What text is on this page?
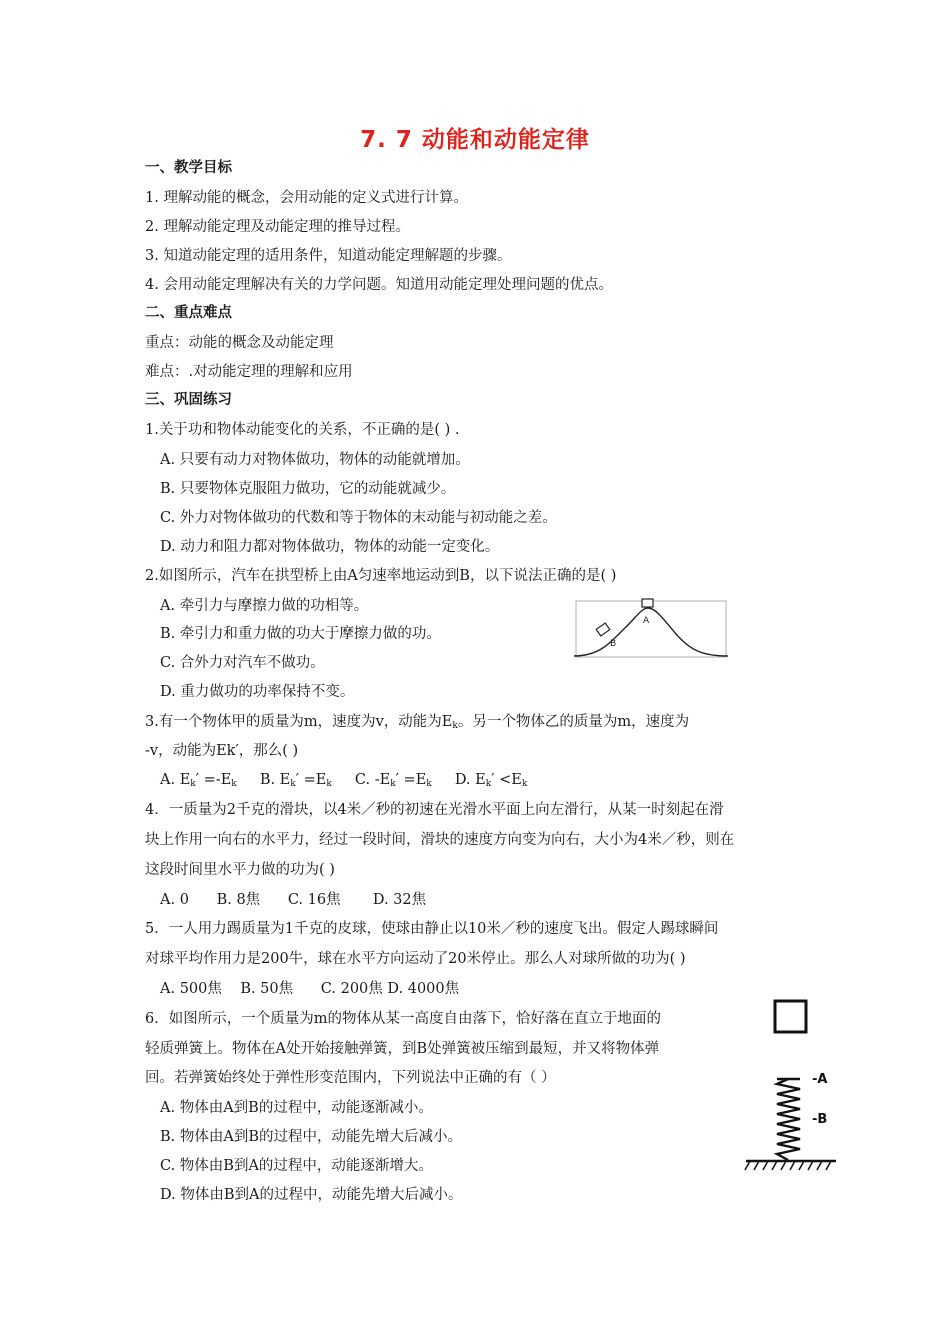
7. 7 动能和动能定律
一、教学目标
1. 理解动能的概念，会用动能的定义式进行计算。
2. 理解动能定理及动能定理的推导过程。
3. 知道动能定理的适用条件，知道动能定理解题的步骤。
4. 会用动能定理解决有关的力学问题。知道用动能定理处理问题的优点。
二、重点难点
重点：动能的概念及动能定理
难点：.对动能定理的理解和应用
三、巩固练习
1.关于功和物体动能变化的关系，不正确的是( ) .
A. 只要有动力对物体做功，物体的动能就增加。
B. 只要物体克服阻力做功，它的动能就减少。
C. 外力对物体做功的代数和等于物体的末动能与初动能之差。
D. 动力和阻力都对物体做功，物体的动能一定变化。
2.如图所示，汽车在拱型桥上由A匀速率地运动到B，以下说法正确的是( )
A. 牵引力与摩擦力做的功相等。
B. 牵引力和重力做的功大于摩擦力做的功。
C. 合外力对汽车不做功。
D. 重力做功的功率保持不变。
A
B
3.有一个物体甲的质量为m，速度为v，动能为$E_k$。另一个物体乙的质量为m，速度为
-v，动能为Ek′，那么( )
A. $E_k' =-E_k$ B. $E_k' =E_k$ C. $-E_k' =E_k$ D. $E_k' <E_k$
4．一质量为2千克的滑块，以4米／秒的初速在光滑水平面上向左滑行，从某一时刻起在滑
块上作用一向右的水平力，经过一段时间，滑块的速度方向变为向右，大小为4米／秒，则在
这段时间里水平力做的功为( )
A. 0 B. 8焦 C. 16焦 D. 32焦
5．一人用力踢质量为1千克的皮球，使球由静止以10米／秒的速度飞出。假定人踢球瞬间
对球平均作用力是200牛，球在水平方向运动了20米停止。那么人对球所做的功为( )
A. 500焦 B. 50焦 C. 200焦 D. 4000焦
6．如图所示，一个质量为m的物体从某一高度自由落下，恰好落在直立于地面的
轻质弹簧上。物体在A处开始接触弹簧，到B处弹簧被压缩到最短，并又将物体弹
回。若弹簧始终处于弹性形变范围内，下列说法中正确的有（ ）
A. 物体由A到B的过程中，动能逐渐减小。
B. 物体由A到B的过程中，动能先增大后减小。
C. 物体由B到A的过程中，动能逐渐增大。
D. 物体由B到A的过程中，动能先增大后减小。
-A
-B
